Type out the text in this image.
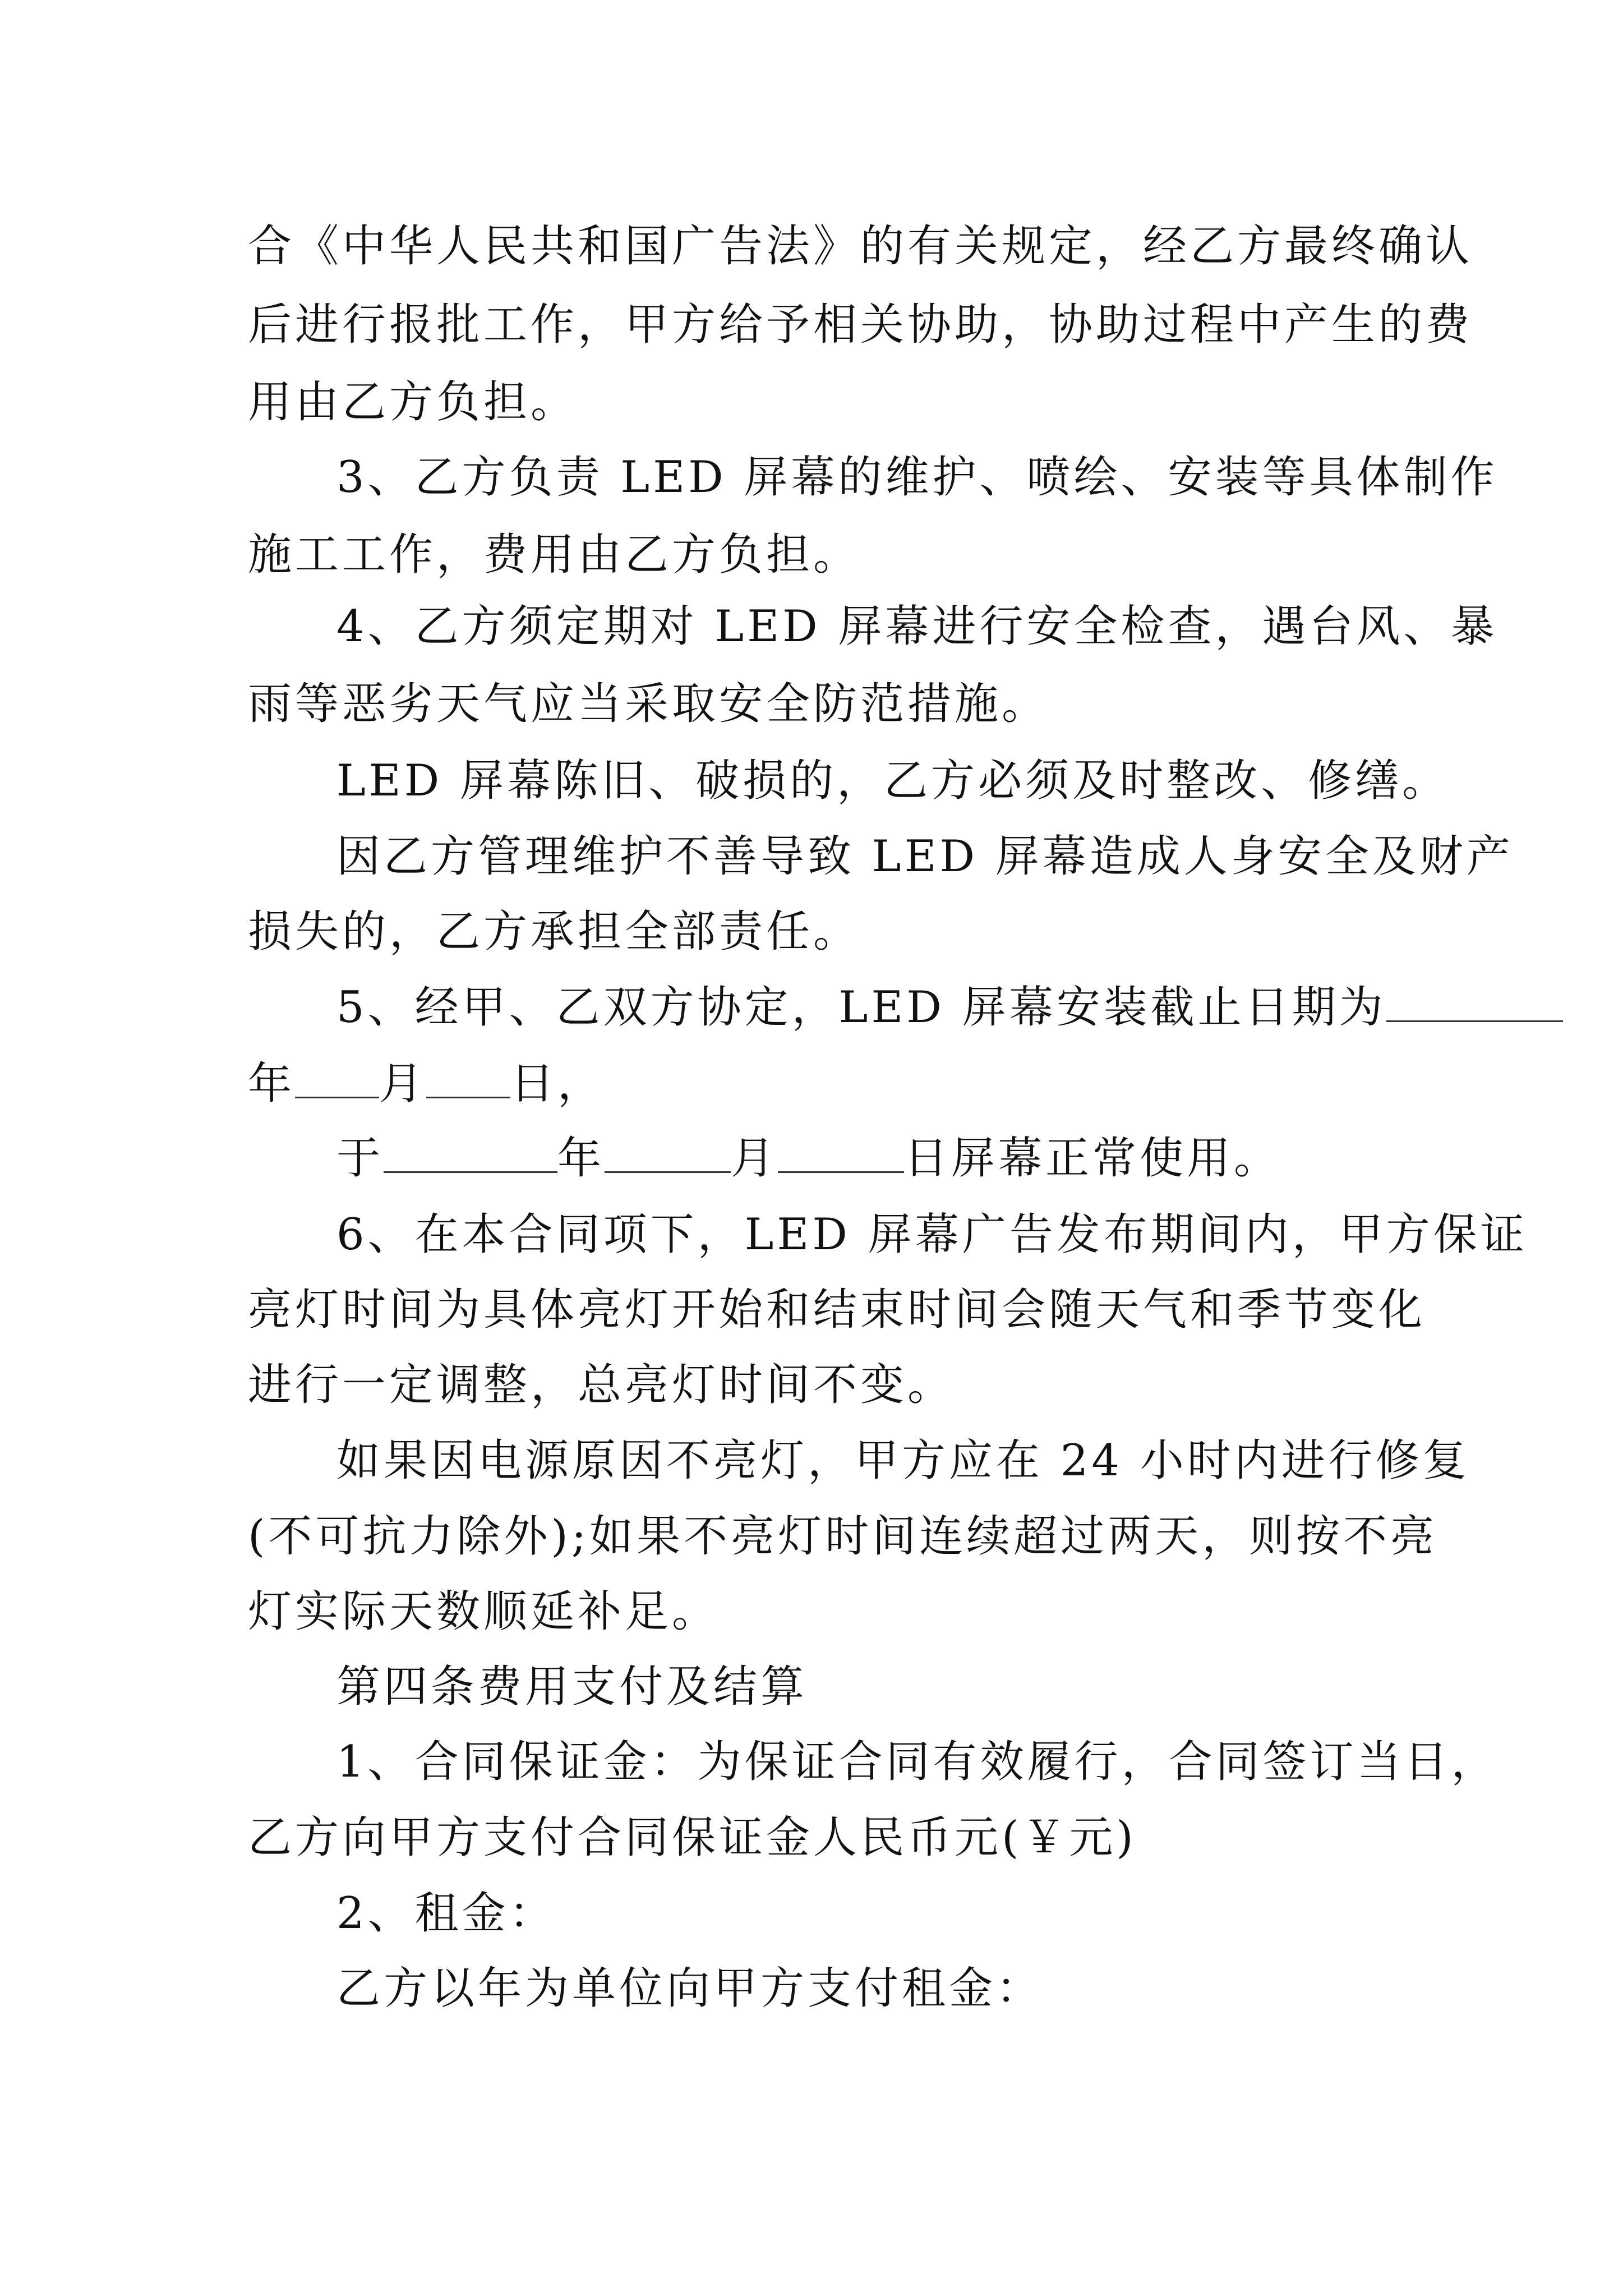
合《中华人民共和国广告法》的有关规定，经乙方最终确认
后进行报批工作，甲方给予相关协助，协助过程中产生的费
用由乙方负担。
3、乙方负责 LED 屏幕的维护、喷绘、安装等具体制作
施工工作，费用由乙方负担。
4、乙方须定期对 LED 屏幕进行安全检查，遇台风、暴
雨等恶劣天气应当采取安全防范措施。
LED 屏幕陈旧、破损的，乙方必须及时整改、修缮。
因乙方管理维护不善导致 LED 屏幕造成人身安全及财产
损失的，乙方承担全部责任。
5、经甲、乙双方协定，LED 屏幕安装截止日期为
年 月 日，
于	年	月	日屏幕正常使用。
6、在本合同项下，LED 屏幕广告发布期间内，甲方保证
亮灯时间为具体亮灯开始和结束时间会随天气和季节变化
进行一定调整，总亮灯时间不变。
如果因电源原因不亮灯，甲方应在 24 小时内进行修复
(不可抗力除外);如果不亮灯时间连续超过两天，则按不亮
灯实际天数顺延补足。
第四条费用支付及结算
1、合同保证金：为保证合同有效履行，合同签订当日，
乙方向甲方支付合同保证金人民币元(￥元)
2、租金：
乙方以年为单位向甲方支付租金：
